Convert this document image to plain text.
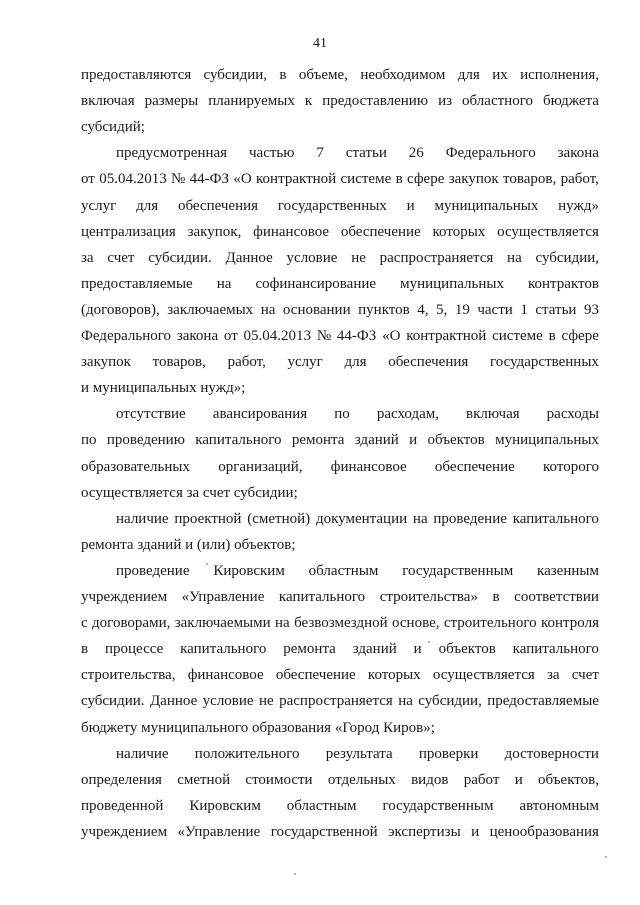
41
предоставляются субсидии, в объеме, необходимом для их исполнения,
включая размеры планируемых к предоставлению из областного бюджета
субсидий;
предусмотренная частью 7 статьи 26 Федерального закона
от 05.04.2013 № 44-ФЗ «О контрактной системе в сфере закупок товаров, работ,
услуг для обеспечения государственных и муниципальных нужд»
централизация закупок, финансовое обеспечение которых осуществляется
за счет субсидии. Данное условие не распространяется на субсидии,
предоставляемые на софинансирование муниципальных контрактов
(договоров), заключаемых на основании пунктов 4, 5, 19 части 1 статьи 93
Федерального закона от 05.04.2013 № 44-ФЗ «О контрактной системе в сфере
закупок товаров, работ, услуг для обеспечения государственных
и муниципальных нужд»;
отсутствие авансирования по расходам, включая расходы
по проведению капитального ремонта зданий и объектов муниципальных
образовательных организаций, финансовое обеспечение которого
осуществляется за счет субсидии;
наличие проектной (сметной) документации на проведение капитального
ремонта зданий и (или) объектов;
проведение Кировским областным государственным казенным
учреждением «Управление капитального строительства» в соответствии
с договорами, заключаемыми на безвозмездной основе, строительного контроля
в процессе капитального ремонта зданий и объектов капитального
строительства, финансовое обеспечение которых осуществляется за счет
субсидии. Данное условие не распространяется на субсидии, предоставляемые
бюджету муниципального образования «Город Киров»;
наличие положительного результата проверки достоверности
определения сметной стоимости отдельных видов работ и объектов,
проведенной Кировским областным государственным автономным
учреждением «Управление государственной экспертизы и ценообразования
